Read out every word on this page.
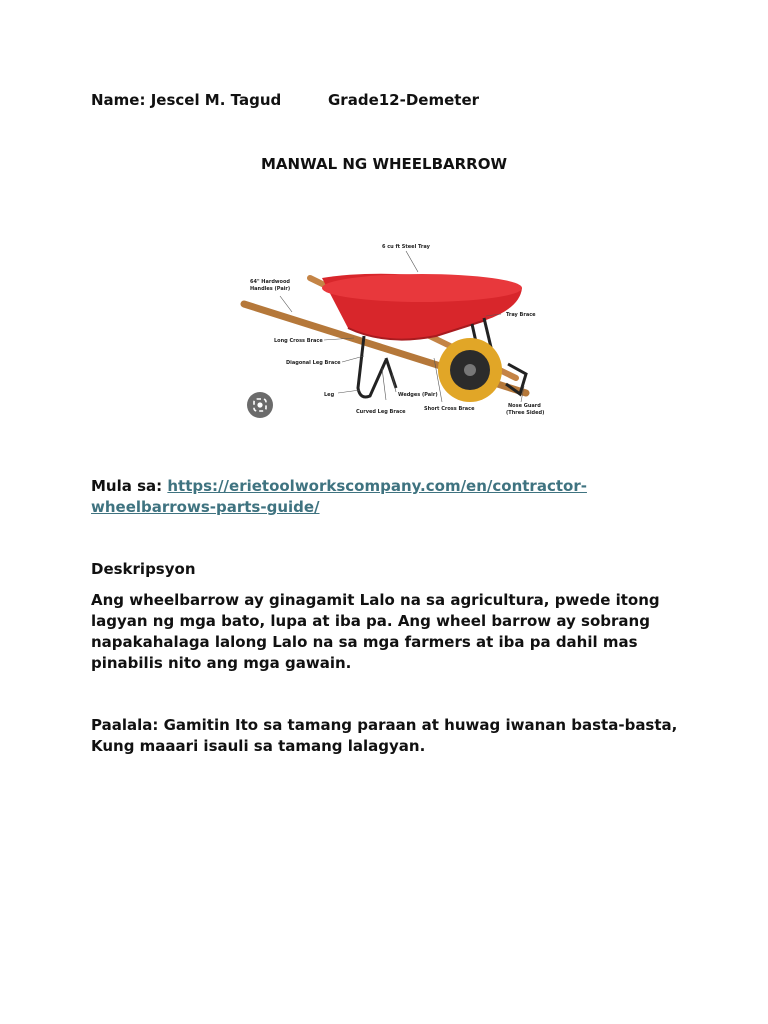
Name: Jescel M. Tagud	Grade12-Demeter
MANWAL NG WHEELBARROW
6 cu ft Steel Tray
64" Hardwood
Handles (Pair)
Tray Brace
Long Cross Brace
Diagonal Leg Brace
Leg	Wedges (Pair)
Curved Leg Brace	Short Cross Brace	Nose Guard
(Three Sided)
Mula sa: https://erietoolworkscompany.com/en/contractor-
wheelbarrows-parts-guide/
Deskripsyon
Ang wheelbarrow ay ginagamit Lalo na sa agricultura, pwede itong lagyan ng mga bato, lupa at iba pa. Ang wheel barrow ay sobrang napakahalaga lalong Lalo na sa mga farmers at iba pa dahil mas pinabilis nito ang mga gawain.
Paalala: Gamitin Ito sa tamang paraan at huwag iwanan basta-basta, Kung maaari isauli sa tamang lalagyan.
